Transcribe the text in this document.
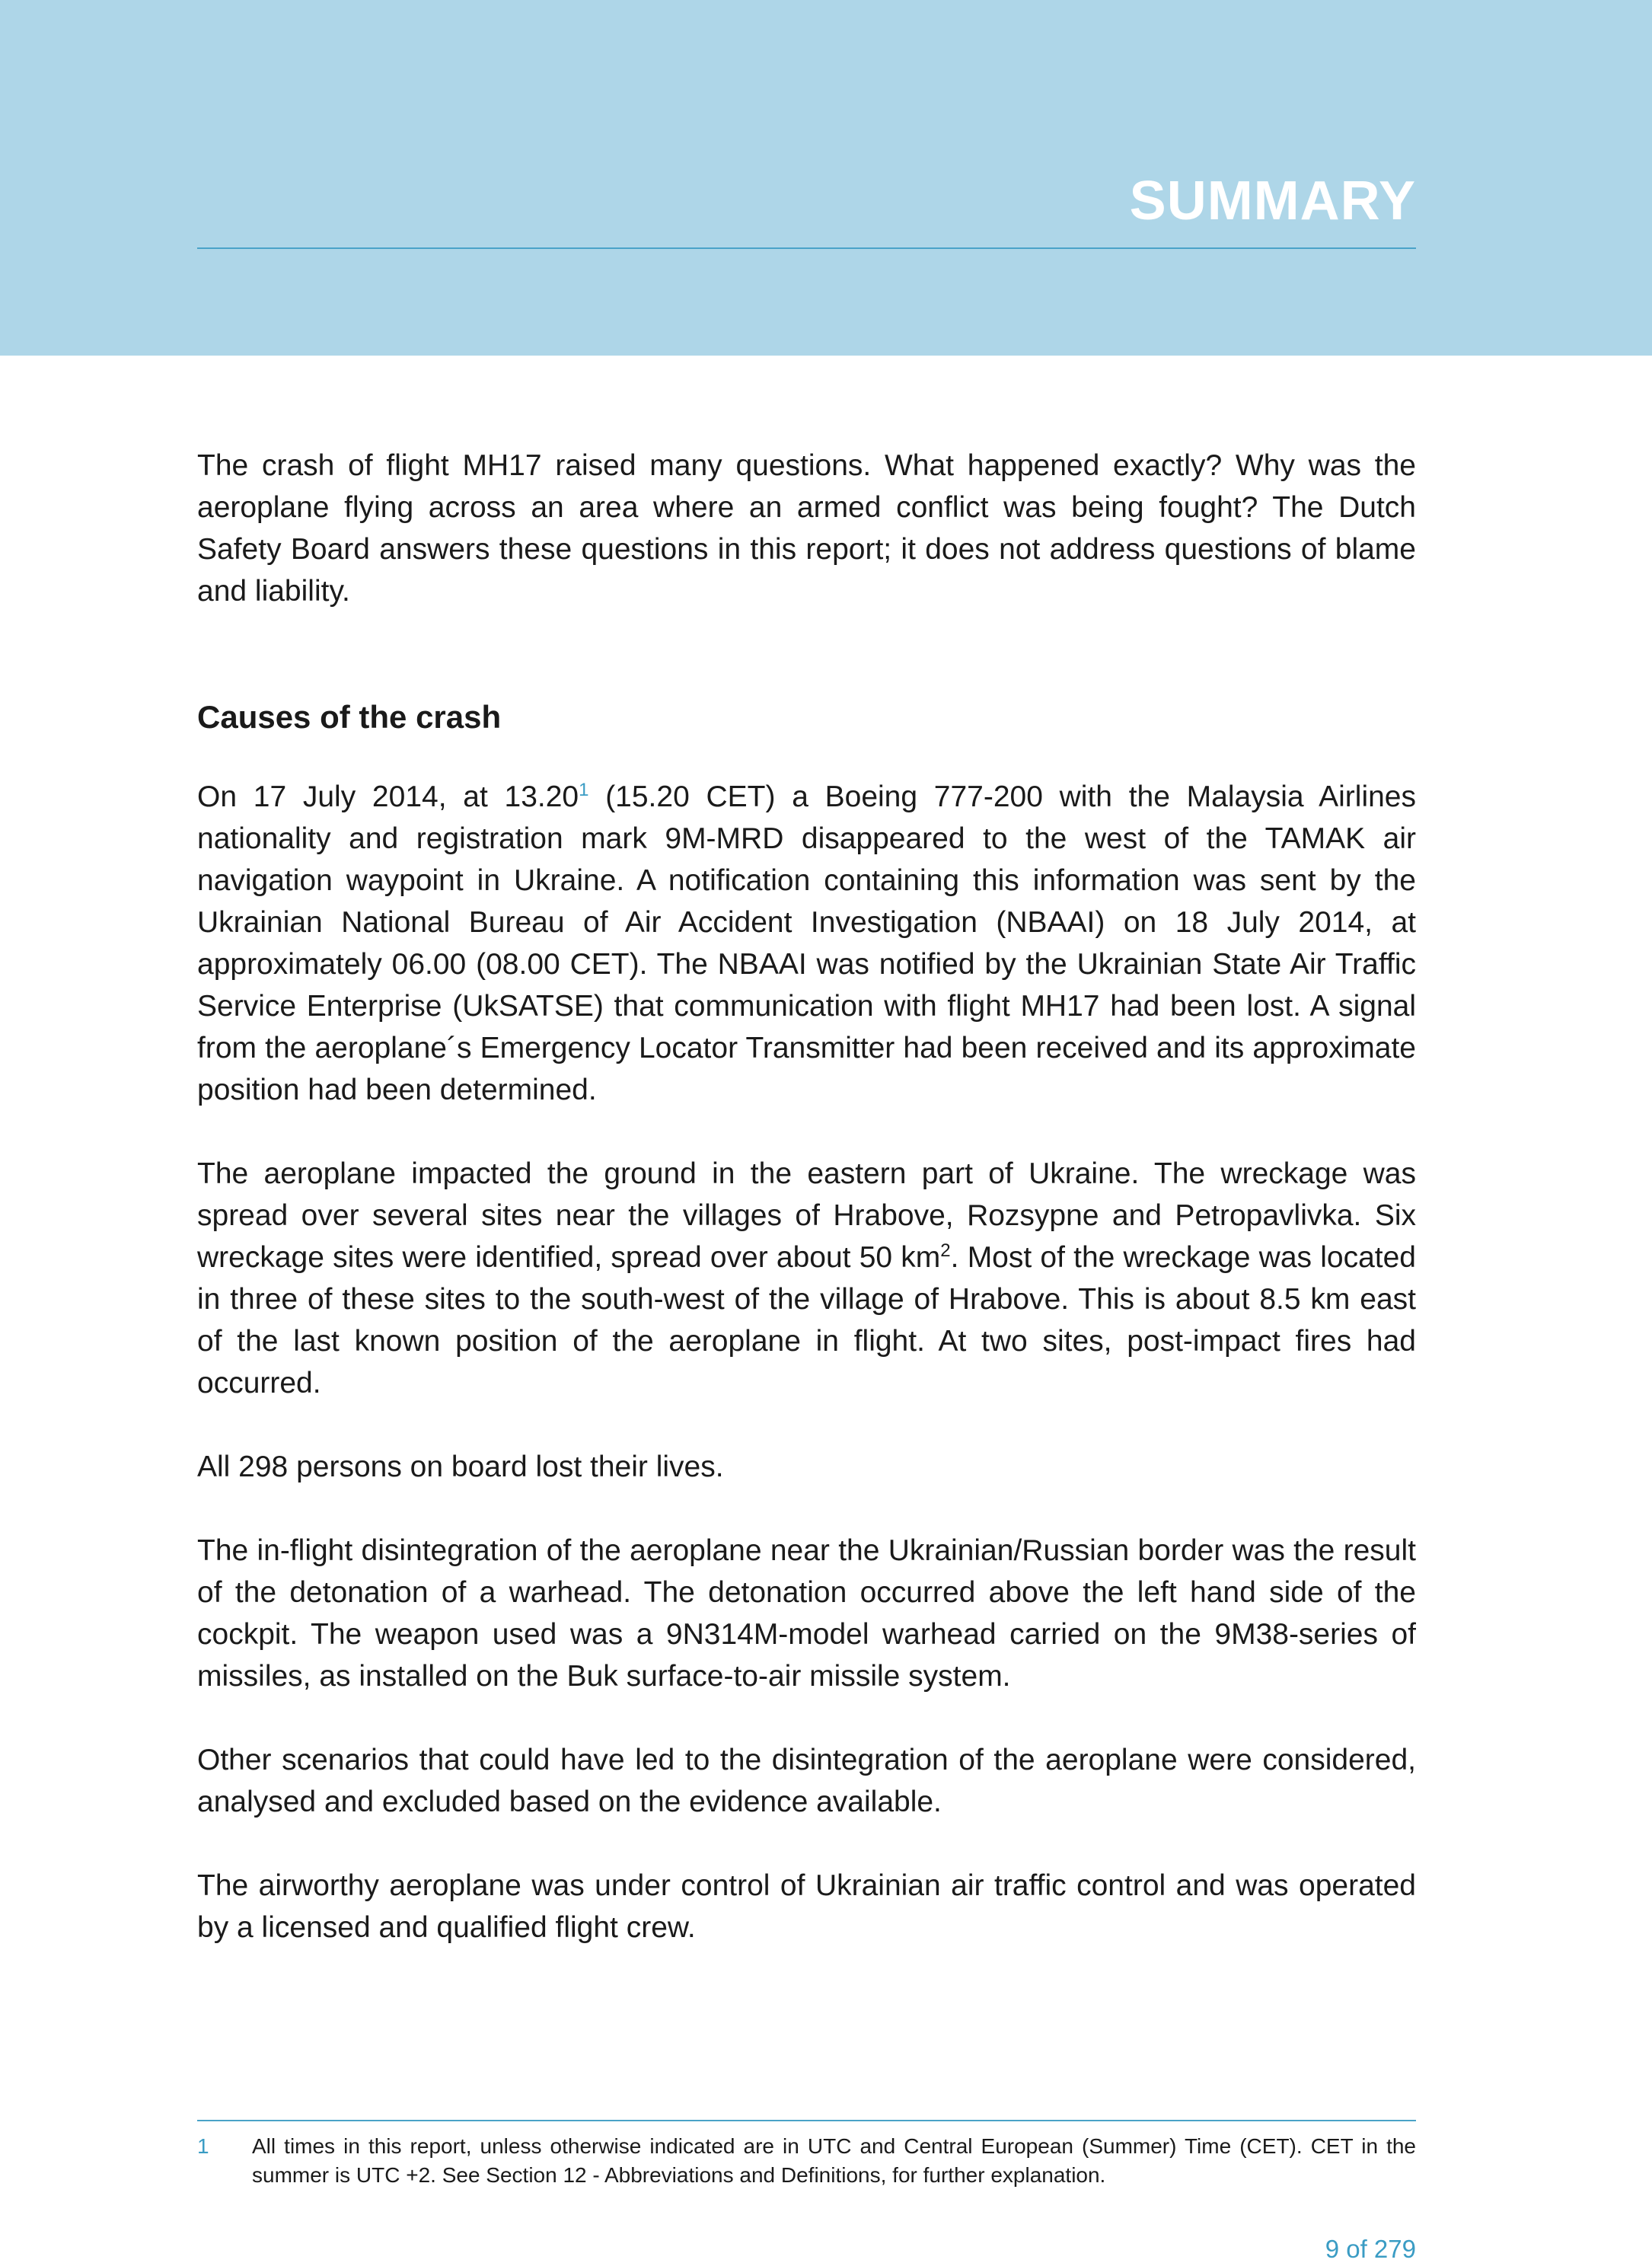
SUMMARY

The crash of flight MH17 raised many questions. What happened exactly? Why was the aeroplane flying across an area where an armed conflict was being fought? The Dutch Safety Board answers these questions in this report; it does not address questions of blame and liability.

Causes of the crash

On 17 July 2014, at 13.20$^1$ (15.20 CET) a Boeing 777-200 with the Malaysia Airlines nationality and registration mark 9M-MRD disappeared to the west of the TAMAK air navigation waypoint in Ukraine. A notification containing this information was sent by the Ukrainian National Bureau of Air Accident Investigation (NBAAI) on 18 July 2014, at approximately 06.00 (08.00 CET). The NBAAI was notified by the Ukrainian State Air Traffic Service Enterprise (UkSATSE) that communication with flight MH17 had been lost. A signal from the aeroplane´s Emergency Locator Transmitter had been received and its approximate position had been determined.

The aeroplane impacted the ground in the eastern part of Ukraine. The wreckage was spread over several sites near the villages of Hrabove, Rozsypne and Petropavlivka. Six wreckage sites were identified, spread over about 50 $km^2$. Most of the wreckage was located in three of these sites to the south-west of the village of Hrabove. This is about 8.5 km east of the last known position of the aeroplane in flight. At two sites, post-impact fires had occurred.

All 298 persons on board lost their lives.

The in-flight disintegration of the aeroplane near the Ukrainian/Russian border was the result of the detonation of a warhead. The detonation occurred above the left hand side of the cockpit. The weapon used was a 9N314M-model warhead carried on the 9M38-series of missiles, as installed on the Buk surface-to-air missile system.

Other scenarios that could have led to the disintegration of the aeroplane were considered, analysed and excluded based on the evidence available.

The airworthy aeroplane was under control of Ukrainian air traffic control and was operated by a licensed and qualified flight crew.

1	All times in this report, unless otherwise indicated are in UTC and Central European (Summer) Time (CET). CET in the summer is UTC +2. See Section 12 - Abbreviations and Definitions, for further explanation.
9 of 279
